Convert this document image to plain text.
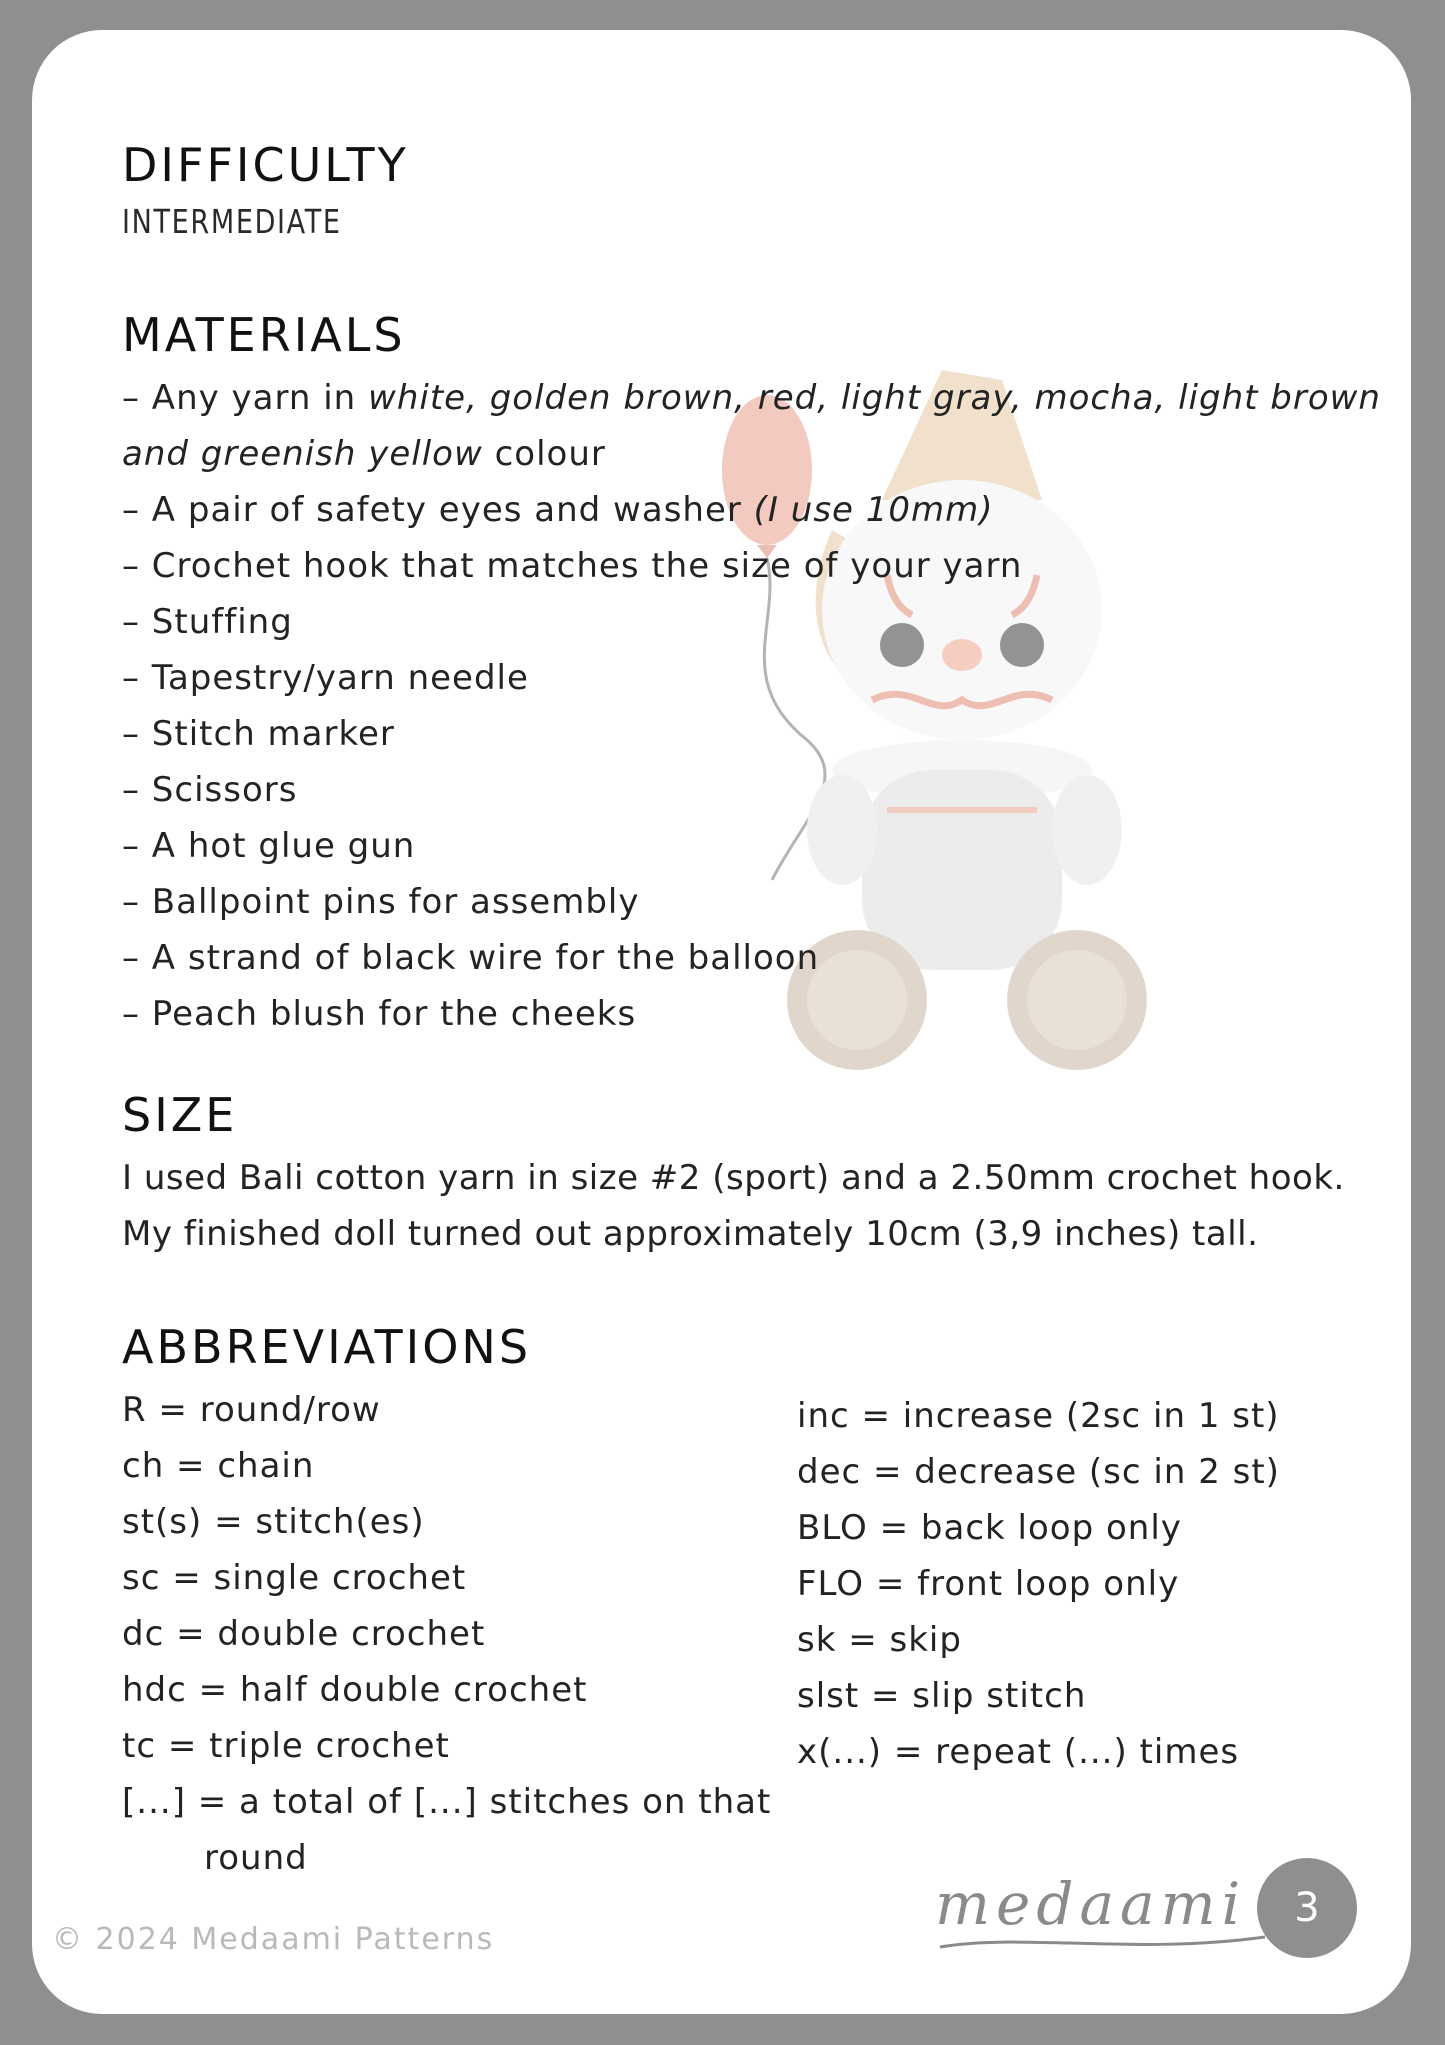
DIFFICULTY
INTERMEDIATE
MATERIALS
– Any yarn in white, golden brown, red, light gray, mocha, light brown
and greenish yellow colour
– A pair of safety eyes and washer (I use 10mm)
– Crochet hook that matches the size of your yarn
– Stuffing
– Tapestry/yarn needle
– Stitch marker
– Scissors
– A hot glue gun
– Ballpoint pins for assembly
– A strand of black wire for the balloon
– Peach blush for the cheeks
SIZE
I used Bali cotton yarn in size #2 (sport) and a 2.50mm crochet hook.
My finished doll turned out approximately 10cm (3,9 inches) tall.
ABBREVIATIONS
R = round/row
ch = chain
st(s) = stitch(es)
sc = single crochet
dc = double crochet
hdc = half double crochet
tc = triple crochet
[...] = a total of [...] stitches on that
round
inc = increase (2sc in 1 st)
dec = decrease (sc in 2 st)
BLO = back loop only
FLO = front loop only
sk = skip
slst = slip stitch
x(...) = repeat (...) times
© 2024 Medaami Patterns
medaami	3
